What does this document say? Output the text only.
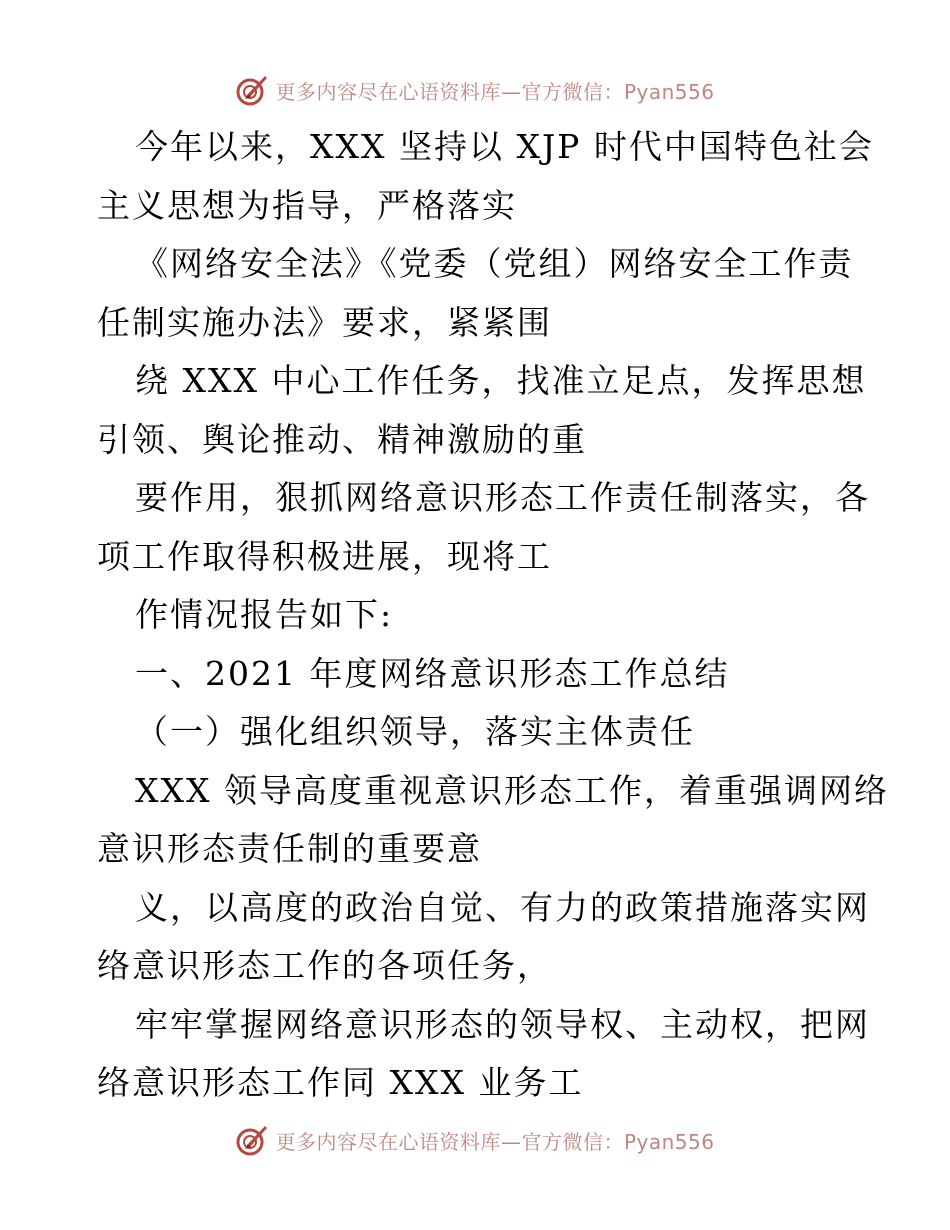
更多内容尽在心语资料库—官方微信：Pyan556

今年以来，XXX 坚持以 XJP 时代中国特色社会
主义思想为指导，严格落实

《网络安全法》《党委（党组）网络安全工作责
任制实施办法》要求，紧紧围

绕 XXX 中心工作任务，找准立足点，发挥思想
引领、舆论推动、精神激励的重

要作用，狠抓网络意识形态工作责任制落实，各
项工作取得积极进展，现将工

作情况报告如下:

一、2021 年度网络意识形态工作总结

（一）强化组织领导，落实主体责任

XXX 领导高度重视意识形态工作，着重强调网络
意识形态责任制的重要意

义，以高度的政治自觉、有力的政策措施落实网
络意识形态工作的各项任务，

牢牢掌握网络意识形态的领导权、主动权，把网
络意识形态工作同 XXX 业务工

更多内容尽在心语资料库—官方微信：Pyan556
